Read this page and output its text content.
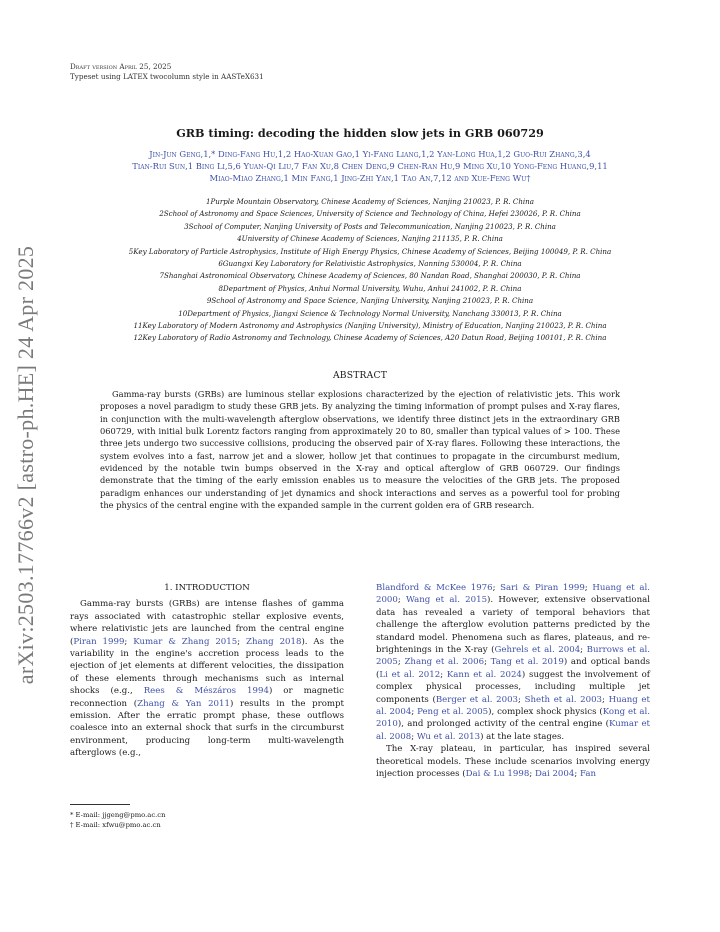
arXiv:2503.17766v2 [astro-ph.HE] 24 Apr 2025
Draft version April 25, 2025
Typeset using LATEX twocolumn style in AASTeX631
GRB timing: decoding the hidden slow jets in GRB 060729
Jin-Jun Geng,1,* Ding-Fang Hu,1,2 Hao-Xuan Gao,1 Yi-Fang Liang,1,2 Yan-Long Hua,1,2 Guo-Rui Zhang,3,4
Tian-Rui Sun,1 Bing Li,5,6 Yuan-Qi Liu,7 Fan Xu,8 Chen Deng,9 Chen-Ran Hu,9 Ming Xu,10 Yong-Feng Huang,9,11
Miao-Miao Zhang,1 Min Fang,1 Jing-Zhi Yan,1 Tao An,7,12 and Xue-Feng Wu†
1Purple Mountain Observatory, Chinese Academy of Sciences, Nanjing 210023, P. R. China
2School of Astronomy and Space Sciences, University of Science and Technology of China, Hefei 230026, P. R. China
3School of Computer, Nanjing University of Posts and Telecommunication, Nanjing 210023, P. R. China
4University of Chinese Academy of Sciences, Nanjing 211135, P. R. China
5Key Laboratory of Particle Astrophysics, Institute of High Energy Physics, Chinese Academy of Sciences, Beijing 100049, P. R. China
6Guangxi Key Laboratory for Relativistic Astrophysics, Nanning 530004, P. R. China
7Shanghai Astronomical Observatory, Chinese Academy of Sciences, 80 Nandan Road, Shanghai 200030, P. R. China
8Department of Physics, Anhui Normal University, Wuhu, Anhui 241002, P. R. China
9School of Astronomy and Space Science, Nanjing University, Nanjing 210023, P. R. China
10Department of Physics, Jiangxi Science & Technology Normal University, Nanchang 330013, P. R. China
11Key Laboratory of Modern Astronomy and Astrophysics (Nanjing University), Ministry of Education, Nanjing 210023, P. R. China
12Key Laboratory of Radio Astronomy and Technology, Chinese Academy of Sciences, A20 Datun Road, Beijing 100101, P. R. China
ABSTRACT
Gamma-ray bursts (GRBs) are luminous stellar explosions characterized by the ejection of relativistic jets. This work proposes a novel paradigm to study these GRB jets. By analyzing the timing information of prompt pulses and X-ray flares, in conjunction with the multi-wavelength afterglow observations, we identify three distinct jets in the extraordinary GRB 060729, with initial bulk Lorentz factors ranging from approximately 20 to 80, smaller than typical values of > 100. These three jets undergo two successive collisions, producing the observed pair of X-ray flares. Following these interactions, the system evolves into a fast, narrow jet and a slower, hollow jet that continues to propagate in the circumburst medium, evidenced by the notable twin bumps observed in the X-ray and optical afterglow of GRB 060729. Our findings demonstrate that the timing of the early emission enables us to measure the velocities of the GRB jets. The proposed paradigm enhances our understanding of jet dynamics and shock interactions and serves as a powerful tool for probing the physics of the central engine with the expanded sample in the current golden era of GRB research.
1. INTRODUCTION

Gamma-ray bursts (GRBs) are intense flashes of gamma rays associated with catastrophic stellar explosive events, where relativistic jets are launched from the central engine (Piran 1999; Kumar & Zhang 2015; Zhang 2018). As the variability in the engine's accretion process leads to the ejection of jet elements at different velocities, the dissipation of these elements through mechanisms such as internal shocks (e.g., Rees & Mészáros 1994) or magnetic reconnection (Zhang & Yan 2011) results in the prompt emission. After the erratic prompt phase, these outflows coalesce into an external shock that surfs in the circumburst environment, producing long-term multi-wavelength afterglows (e.g.,

* E-mail: jjgeng@pmo.ac.cn
† E-mail: xfwu@pmo.ac.cn

Blandford & McKee 1976; Sari & Piran 1999; Huang et al. 2000; Wang et al. 2015). However, extensive observational data has revealed a variety of temporal behaviors that challenge the afterglow evolution patterns predicted by the standard model. Phenomena such as flares, plateaus, and re-brightenings in the X-ray (Gehrels et al. 2004; Burrows et al. 2005; Zhang et al. 2006; Tang et al. 2019) and optical bands (Li et al. 2012; Kann et al. 2024) suggest the involvement of complex physical processes, including multiple jet components (Berger et al. 2003; Sheth et al. 2003; Huang et al. 2004; Peng et al. 2005), complex shock physics (Kong et al. 2010), and prolonged activity of the central engine (Kumar et al. 2008; Wu et al. 2013) at the late stages.

The X-ray plateau, in particular, has inspired several theoretical models. These include scenarios involving energy injection processes (Dai & Lu 1998; Dai 2004; Fan
